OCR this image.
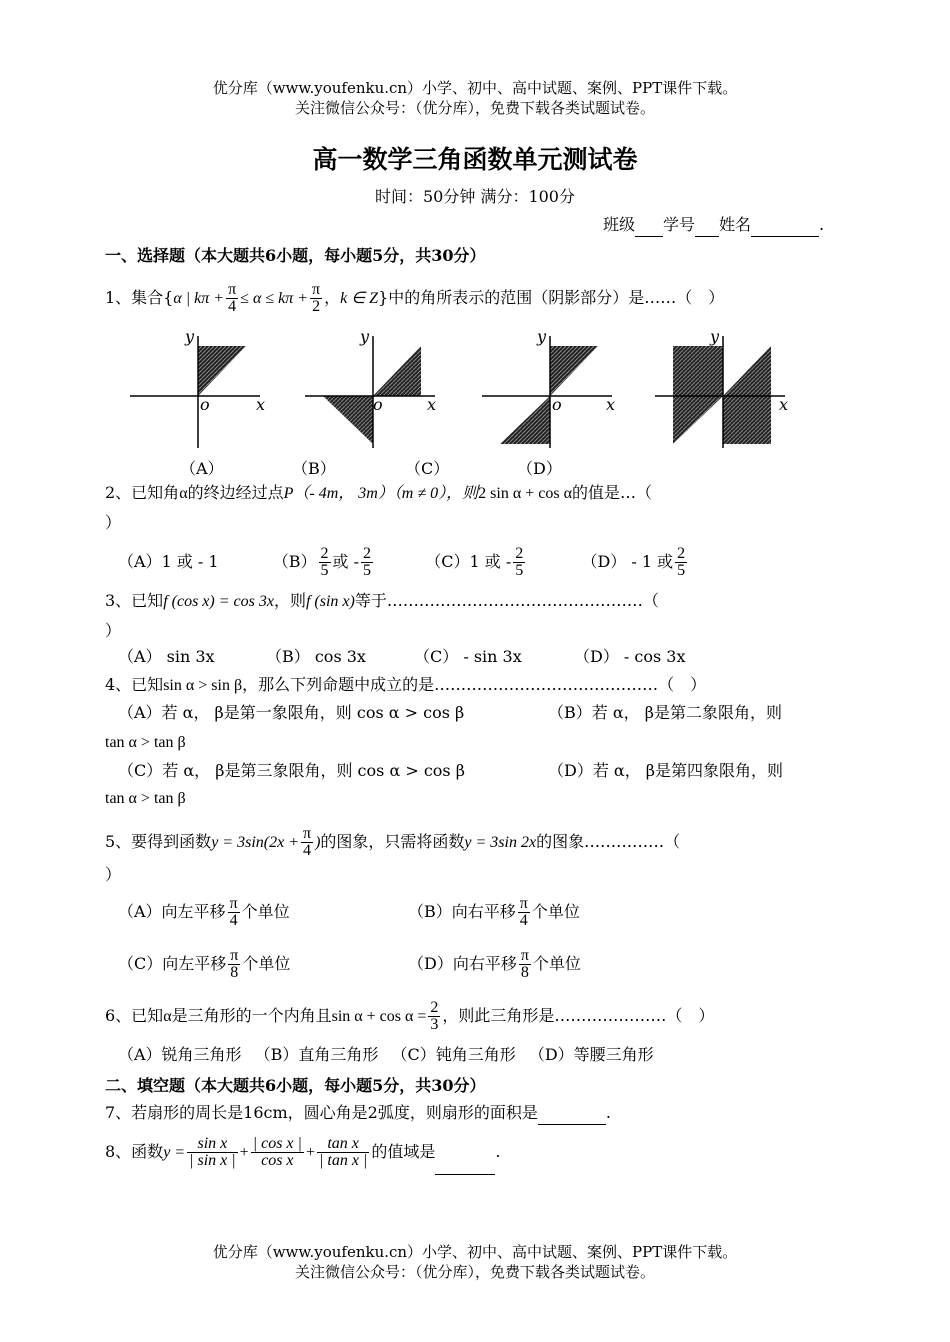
优分库（www.youfenku.cn）小学、初中、高中试题、案例、PPT课件下载。
关注微信公众号：（优分库），免费下载各类试题试卷。
高一数学三角函数单元测试卷
时间：50分钟 满分：100分
班级 学号 姓名	.
一、选择题（本大题共6小题，每小题5分，共30分）
1、集合{α | $k\pi + \frac{\pi}{4} \le \alpha \le k\pi + \frac{\pi}{2}$ ，k ∈ Z}中的角所表示的范围（阴影部分）是……（　）
y
x
o
y
x
o
y
x
o
y
x
（A）	（B）	（C）	（D）
2、已知角α的终边经过点P（- 4m， 3m）（m ≠ 0），则2 sin α + cos α的值是…（
）
（A）1 或 - 1	$(B) \frac{2}{5}$ 或 - $\frac{2}{5}$	（C）1 或 - $\frac{2}{5}$	（D） - 1 或 $\frac{2}{5}$
3、已知f (cos x) = cos 3x，则f (sin x)等于…………………………………………（
）
（A） sin 3x	（B） cos 3x	（C） - sin 3x	（D） - cos 3x
4、已知sin α > sin β，那么下列命题中成立的是……………………………………（　）
（A）若 α， β是第一象限角，则 cos α > cos β	（B）若 α， β是第二象限角，则
tan α > tan β
（C）若 α， β是第三象限角，则 cos α > cos β	（D）若 α， β是第四象限角，则
tan α > tan β
5、要得到函数$y = 3\sin(2x + \frac{\pi}{4}$ )的图象，只需将函数y = 3sin 2x的图象……………（
）
（A）向左平移 $\frac{\pi}{4}$ 个单位	（B）向右平移 $\frac{\pi}{4}$ 个单位
（C）向左平移 $\frac{\pi}{8}$ 个单位	（D）向右平移 $\frac{\pi}{8}$ 个单位
6、已知α是三角形的一个内角且$\sin \alpha + \cos \alpha = \frac{2}{3}$ ，则此三角形是…………………（　）
（A）锐角三角形 　（B）直角三角形 　（C）钝角三角形 　（D）等腰三角形
二、填空题（本大题共6小题，每小题5分，共30分）
7、若扇形的周长是16cm，圆心角是2弧度，则扇形的面积是	.
8、函数$y = \frac{\text{sin x}}{\text{| sin x |}} + \frac{\text{| cos x |}}{\text{cos x}} + \frac{\text{tan x}}{\text{| tan x |}}$ 的值域是	.
优分库（www.youfenku.cn）小学、初中、高中试题、案例、PPT课件下载。
关注微信公众号：（优分库），免费下载各类试题试卷。
